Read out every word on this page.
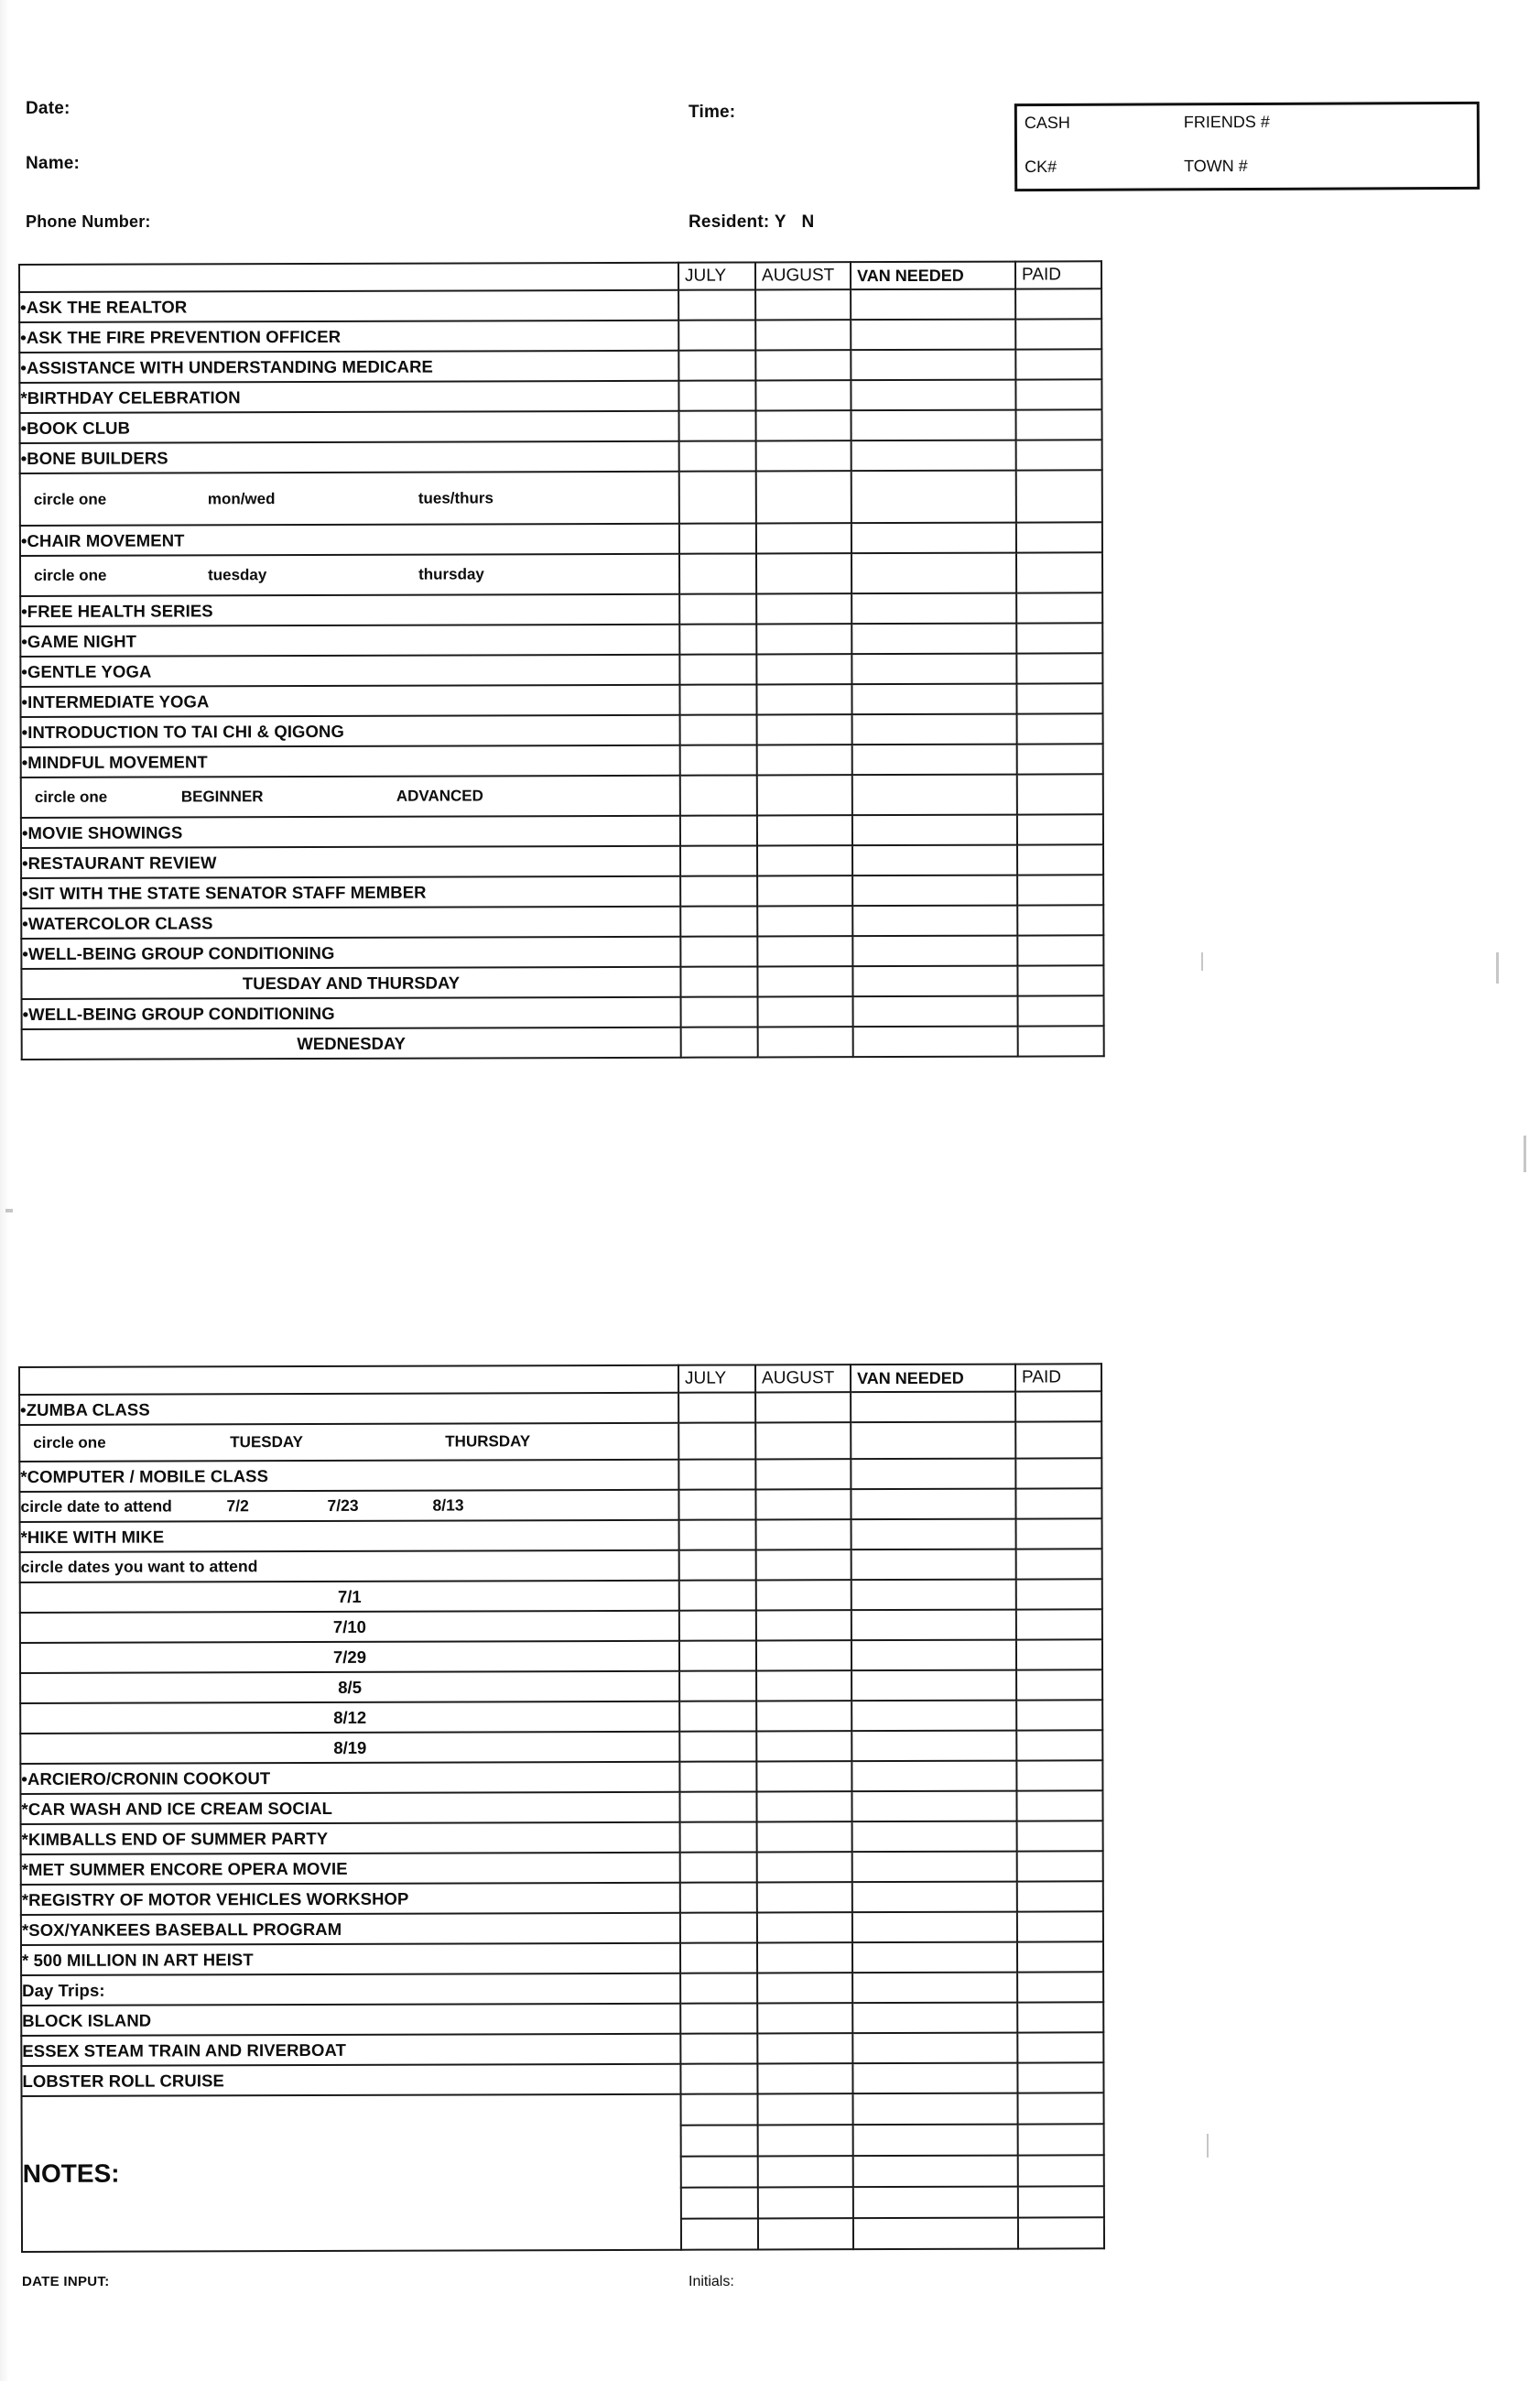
Date:
Name:
Phone Number:
Time:
Resident: Y N
CASH	FRIENDS #
CK#	TOWN #
	JULY	AUGUST	VAN NEEDED	PAID
•ASK THE REALTOR				
•ASK THE FIRE PREVENTION OFFICER				
•ASSISTANCE WITH UNDERSTANDING MEDICARE				
*BIRTHDAY CELEBRATION				
•BOOK CLUB				
•BONE BUILDERS				
circle one mon/wed tues/thurs				
•CHAIR MOVEMENT				
circle one tuesday thursday				
•FREE HEALTH SERIES				
•GAME NIGHT				
•GENTLE YOGA				
•INTERMEDIATE YOGA				
•INTRODUCTION TO TAI CHI & QIGONG				
•MINDFUL MOVEMENT				
circle one BEGINNER ADVANCED				
•MOVIE SHOWINGS				
•RESTAURANT REVIEW				
•SIT WITH THE STATE SENATOR STAFF MEMBER				
•WATERCOLOR CLASS				
•WELL-BEING GROUP CONDITIONING				
TUESDAY AND THURSDAY				
•WELL-BEING GROUP CONDITIONING				
WEDNESDAY				
	JULY	AUGUST	VAN NEEDED	PAID
•ZUMBA CLASS				
circle one TUESDAY THURSDAY				
*COMPUTER / MOBILE CLASS				
circle date to attend 7/2 7/23 8/13				
*HIKE WITH MIKE				
circle dates you want to attend				
7/1				
7/10				
7/29				
8/5				
8/12				
8/19				
•ARCIERO/CRONIN COOKOUT				
*CAR WASH AND ICE CREAM SOCIAL				
*KIMBALLS END OF SUMMER PARTY				
*MET SUMMER ENCORE OPERA MOVIE				
*REGISTRY OF MOTOR VEHICLES WORKSHOP				
*SOX/YANKEES BASEBALL PROGRAM				
* 500 MILLION IN ART HEIST				
Day Trips:				
BLOCK ISLAND				
ESSEX STEAM TRAIN AND RIVERBOAT				
LOBSTER ROLL CRUISE				
NOTES:				

DATE INPUT:	Initials:
